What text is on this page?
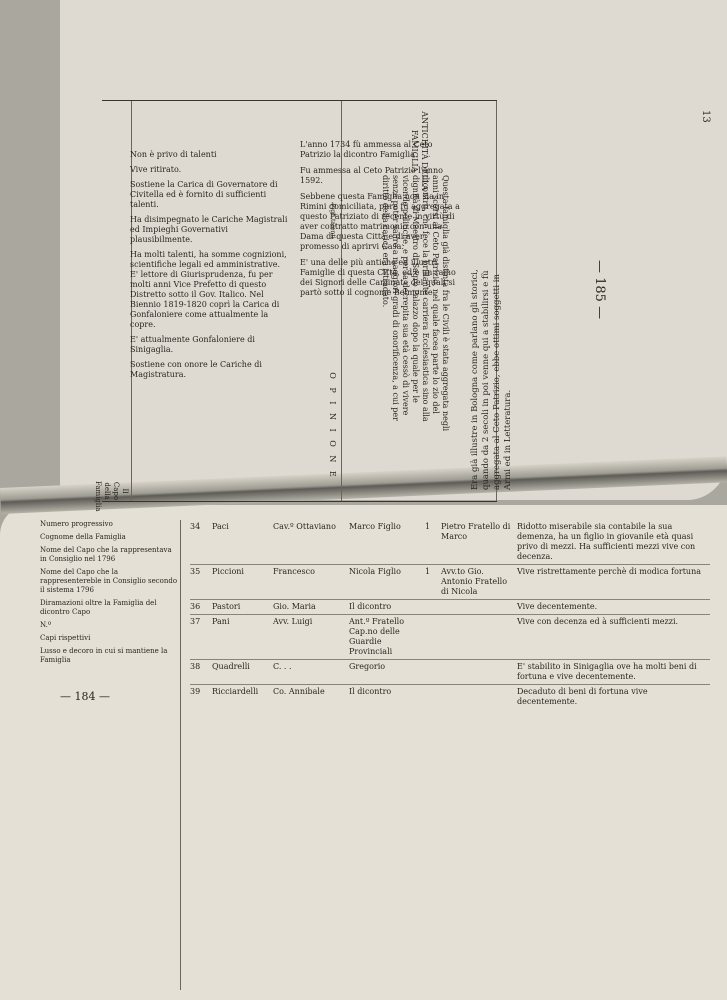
— 185 —
13
ANTICHITÀ DELLA FAMIGLIA
Figli talenti
O P I N I O N E
Il Capo della Famiglia
Era già illustre in Bologna come parlano gli storici, quando da 2 secoli in poi venne qui a stabilirsi e fù aggregata al Ceto Patrizio, ebbe ottimi soggetti in Armi ed in Letteratura.
Questa famiglia già distinta fra le Civili è stata aggregata negli anni scorsi al Ceto Patrizio, nel quale facea parte lo zio del dicontro, che fece la brillante carriera Ecclesiastica sino alla dignità di Maestro di Sagro Palazzo dopo la quale per le vicende politiche, e per la decrepita sua età cessò di vivere senza poter salire a maggiori gradi di onorificenza, a cui per diritto della carica era istradato.
L'anno 1734 fù ammessa al Ceto Patrizio la dicontro Famiglia.
Fu ammessa al Ceto Patrizio l'anno 1592.
Sebbene questa Famiglia non sia in Rimini domiciliata, pure fu aggregata a questo Patriziato di recente in virtù di aver contratto matrimonio con una Dama di questa Città e di aver promesso di aprirvi Casa.
E' una delle più antiche ed illustri Famiglie di questa Città, ed è un ramo dei Signori delle Caminate dei quali si partò sotto il cognome Belmonte.
Non è privo di talenti
Vive ritirato.
Sostiene la Carica di Governatore di Civitella ed è fornito di sufficienti talenti.
Ha disimpegnato le Cariche Magistrali ed Impieghi Governativi plausibilmente.
Ha molti talenti, ha somme cognizioni, scientifiche legali ed amministrative. E' lettore di Giurisprudenza, fu per molti anni Vice Prefetto di questo Distretto sotto il Gov. Italico. Nel Biennio 1819-1820 coprì la Carica di Gonfaloniere come attualmente la copre.
E' attualmente Gonfaloniere di Sinigaglia.
Sostiene con onore le Cariche di Magistratura.
— 184 —
Numero progressivo
Cognome della Famiglia
Nome del Capo che la rappresentava in Consiglio nel 1796
Nome del Capo che la rappresentereble in Consiglio secondo il sistema 1796
Diramazioni oltre la Famiglia del dicontro Capo
N.º
Capi rispettivi
Lusso e decoro in cui si mantiene la Famiglia
34	Paci	Cav.º Ottaviano	Marco Figlio	1	Pietro Fratello di Marco
Ridotto miserabile sia contabile la sua demenza, ha un figlio in giovanile età quasi privo di mezzi. Ha sufficienti mezzi vive con decenza.
35	Piccioni	Francesco	Nicola Figlio	1	Avv.to Gio. Antonio Fratello di Nicola
Vive ristrettamente perchè di modica fortuna
36	Pastori	Gio. Maria	Il dicontro	Vive decentemente.
37	Pani	Avv. Luigi	Ant.º Fratello Cap.no delle Guardie Provinciali
Vive con decenza ed à sufficienti mezzi.
38	Quadrelli	C. . .	Gregorio	E' stabilito in Sinigaglia ove ha molti beni di fortuna e vive decentemente.
39	Ricciardelli	Co. Annibale	Il dicontro	Decaduto di beni di fortuna vive decentemente.
